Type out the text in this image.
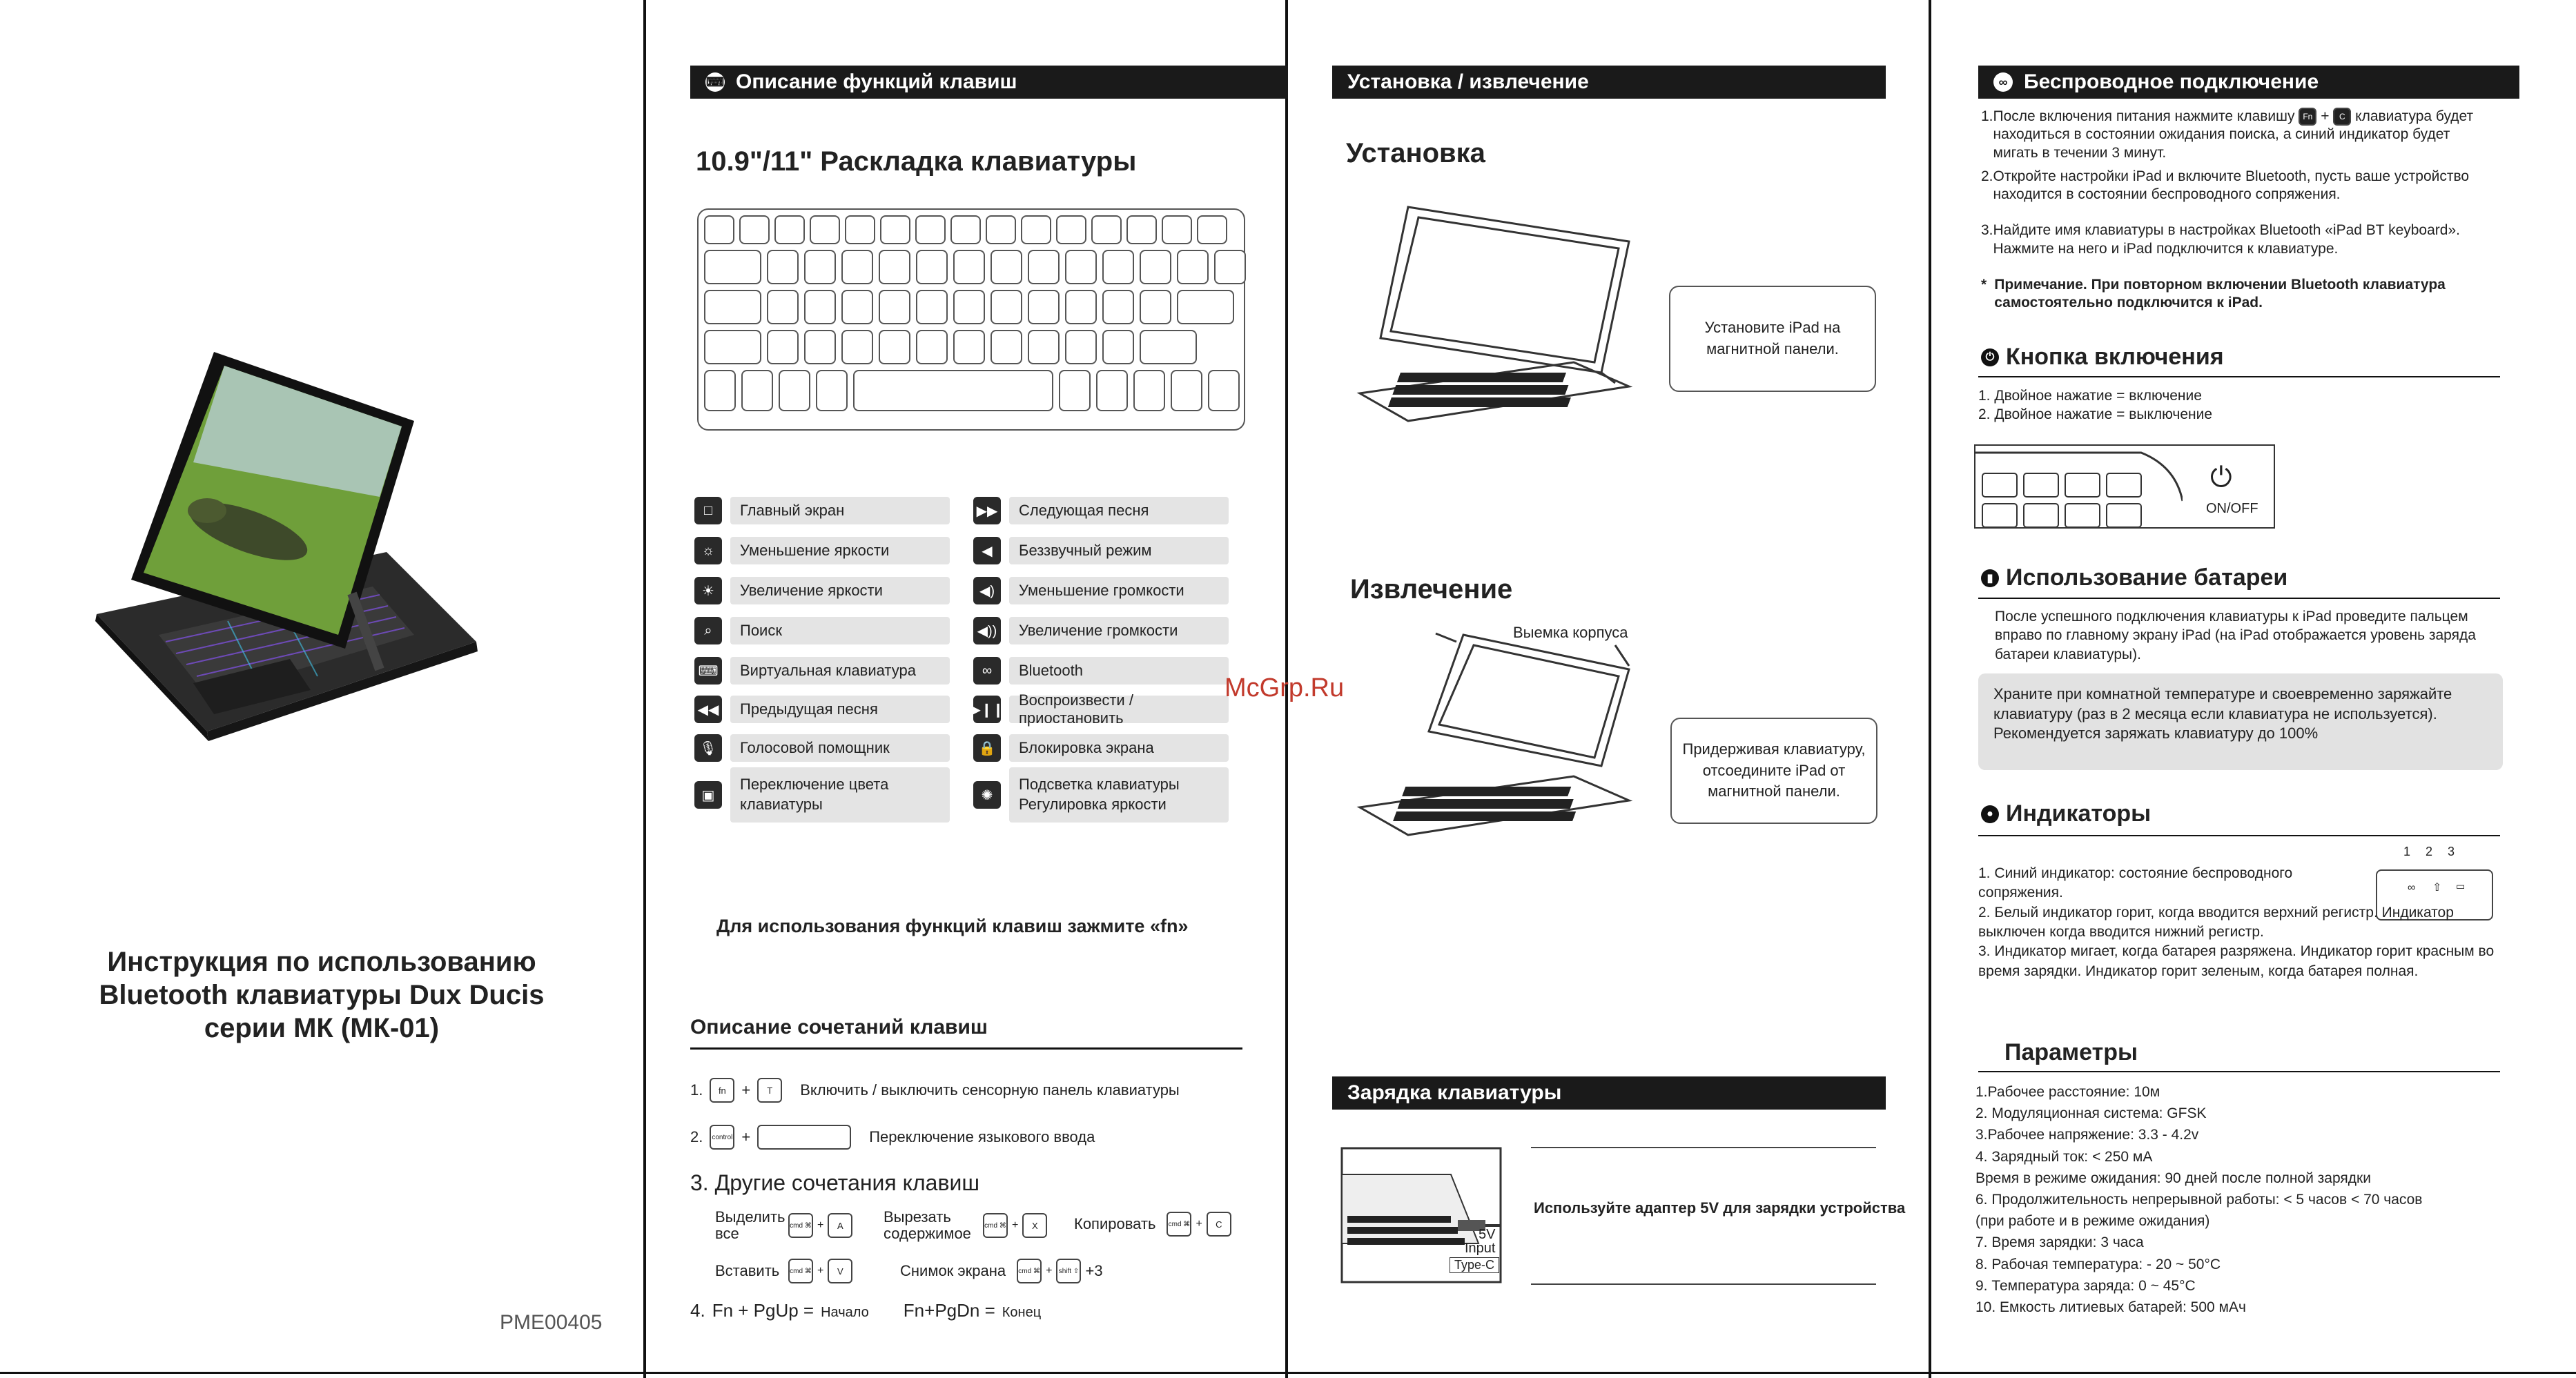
Инструкция по использованию
Bluetooth клавиатуры Dux Ducis
серии МК (МК-01)
PME00405
⌨ Описание функций клавиш
10.9"/11" Раскладка клавиатуры
□	Главный экран
☼	Уменьшение яркости
☀	Увеличение яркости
⌕	Поиск
⌨	Виртуальная клавиатура
◀◀	Предыдущая песня
🎙	Голосовой помощник
▣
Переключение цвета клавиатуры
▶▶	Следующая песня
◀	Беззвучный режим
◀)	Уменьшение громкости
◀))	Увеличение громкости
∞	Bluetooth
▶❙❙
Воспроизвести / приостановить
🔒	Блокировка экрана
✺
Подсветка клавиатуры Регулировка яркости
Для использования функций клавиш зажмите «fn»
Описание сочетаний клавиш
1.	fn	+	T	Включить / выключить сенсорную панель клавиатуры
2. control +	Переключение языкового ввода
3. Другие сочетания клавиш
Выделить все	cmd ⌘ +	A
Вырезать содержимое	cmd ⌘ +	X	Копировать cmd ⌘ +	C
Вставить	cmd ⌘ +	V	Снимок экрана cmd ⌘ + shift ⇧ +3
4. Fn + PgUp = Начало Fn+PgDn = Конец
Установка / извлечение
Установка
Установите iPad на магнитной панели.
Извлечение
Выемка корпуса
McGrp.Ru
Придерживая клавиатуру, отсоедините iPad от магнитной панели.
Зарядка клавиатуры
5V
Input
Type-C
Используйте адаптер 5V для зарядки устройства
∞ Беспроводное подключение
1. После включения питания нажмите клавишу Fn + C клавиатура будет находиться в состоянии ожидания поиска, а синий индикатор будет мигать в течении 3 минут.
2. Откройте настройки iPad и включите Bluetooth, пусть ваше устройство находится в состоянии беспроводного сопряжения.
3. Найдите имя клавиатуры в настройках Bluetooth «iPad BT keyboard». Нажмите на него и iPad подключится к клавиатуре.
* Примечание. При повторном включении Bluetooth клавиатура самостоятельно подключится к iPad.
⏻ Кнопка включения
1. Двойное нажатие = включение
2. Двойное нажатие = выключение
⏻
ON/OFF
▮ Использование батареи
После успешного подключения клавиатуры к iPad проведите пальцем вправо по главному экрану iPad (на iPad отображается уровень заряда батареи клавиатуры).
Храните при комнатной температуре и своевременно заряжайте клавиатуру (раз в 2 месяца если клавиатура не используется). Рекомендуется заряжать клавиатуру до 100%
● Индикаторы
1 2 3
∞ ⇧ ▭
1. Синий индикатор: состояние беспроводного сопряжения.
2. Белый индикатор горит, когда вводится верхний регистр. Индикатор выключен когда вводится нижний регистр.
3. Индикатор мигает, когда батарея разряжена. Индикатор горит красным во время зарядки. Индикатор горит зеленым, когда батарея полная.
Параметры
1.Рабочее расстояние: 10м
2. Модуляционная система: GFSK
3.Рабочее напряжение: 3.3 - 4.2v
4. Зарядный ток: < 250 мА
Время в режиме ожидания: 90 дней после полной зарядки
6. Продолжительность непрерывной работы: < 5 часов < 70 часов
(при работе и в режиме ожидания)
7. Время зарядки: 3 часа
8. Рабочая температура: - 20 ~ 50°C
9. Температура заряда: 0 ~ 45°C
10. Емкость литиевых батарей: 500 мАч
